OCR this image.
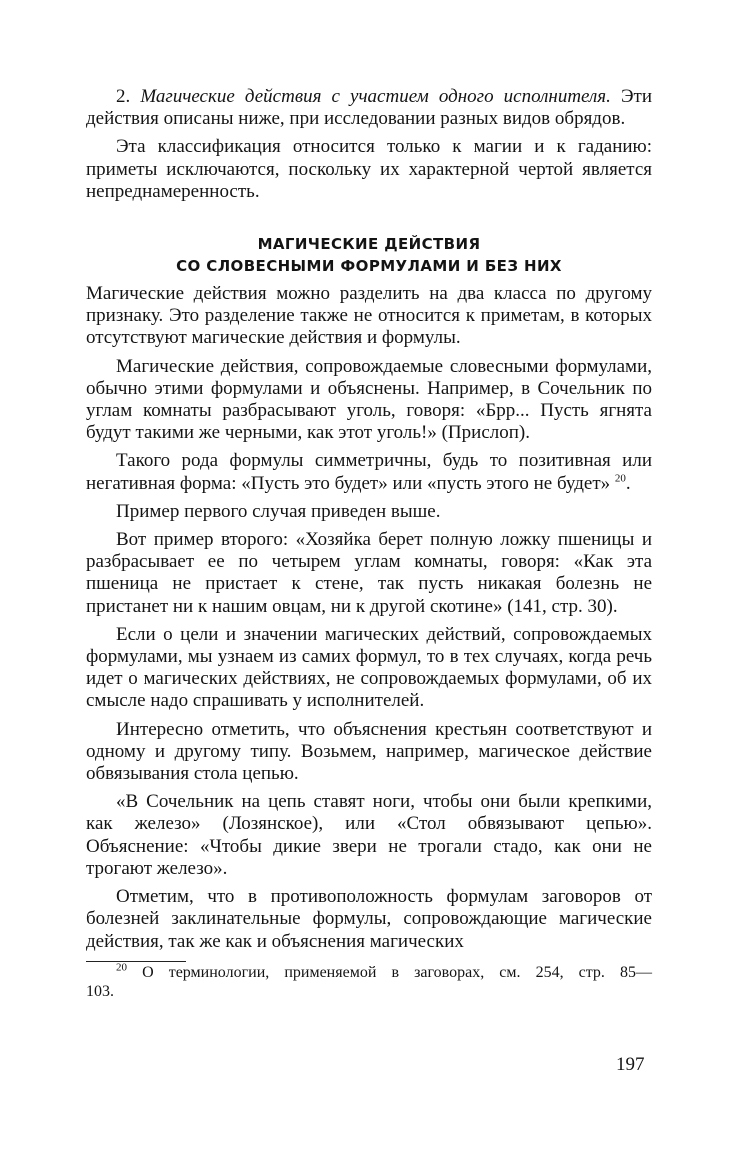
2. Магические действия с участием одного исполнителя. Эти действия описаны ниже, при исследовании разных видов обрядов.

Эта классификация относится только к магии и к гаданию: приметы исключаются, поскольку их характерной чертой является непреднамеренность.

МАГИЧЕСКИЕ ДЕЙСТВИЯ
СО СЛОВЕСНЫМИ ФОРМУЛАМИ И БЕЗ НИХ

Магические действия можно разделить на два класса по другому признаку. Это разделение также не относится к приметам, в которых отсутствуют магические действия и формулы.

Магические действия, сопровождаемые словесными формулами, обычно этими формулами и объяснены. Например, в Сочельник по углам комнаты разбрасывают уголь, говоря: «Брр... Пусть ягнята будут такими же черными, как этот уголь!» (Прислоп).

Такого рода формулы симметричны, будь то позитивная или негативная форма: «Пусть это будет» или «пусть этого не будет» $^{20}$.

Пример первого случая приведен выше.

Вот пример второго: «Хозяйка берет полную ложку пшеницы и разбрасывает ее по четырем углам комнаты, говоря: «Как эта пшеница не пристает к стене, так пусть никакая болезнь не пристанет ни к нашим овцам, ни к другой скотине» (141, стр. 30).

Если о цели и значении магических действий, сопровождаемых формулами, мы узнаем из самих формул, то в тех случаях, когда речь идет о магических действиях, не сопровождаемых формулами, об их смысле надо спрашивать у исполнителей.

Интересно отметить, что объяснения крестьян соответствуют и одному и другому типу. Возьмем, например, магическое действие обвязывания стола цепью.

«В Сочельник на цепь ставят ноги, чтобы они были крепкими, как железо» (Лозянское), или «Стол обвязывают цепью». Объяснение: «Чтобы дикие звери не трогали стадо, как они не трогают железо».

Отметим, что в противоположность формулам заговоров от болезней заклинательные формулы, сопровождающие магические действия, так же как и объяснения магических

$^{20}$ О терминологии, применяемой в заговорах, см. 254, стр. 85—103.

197
